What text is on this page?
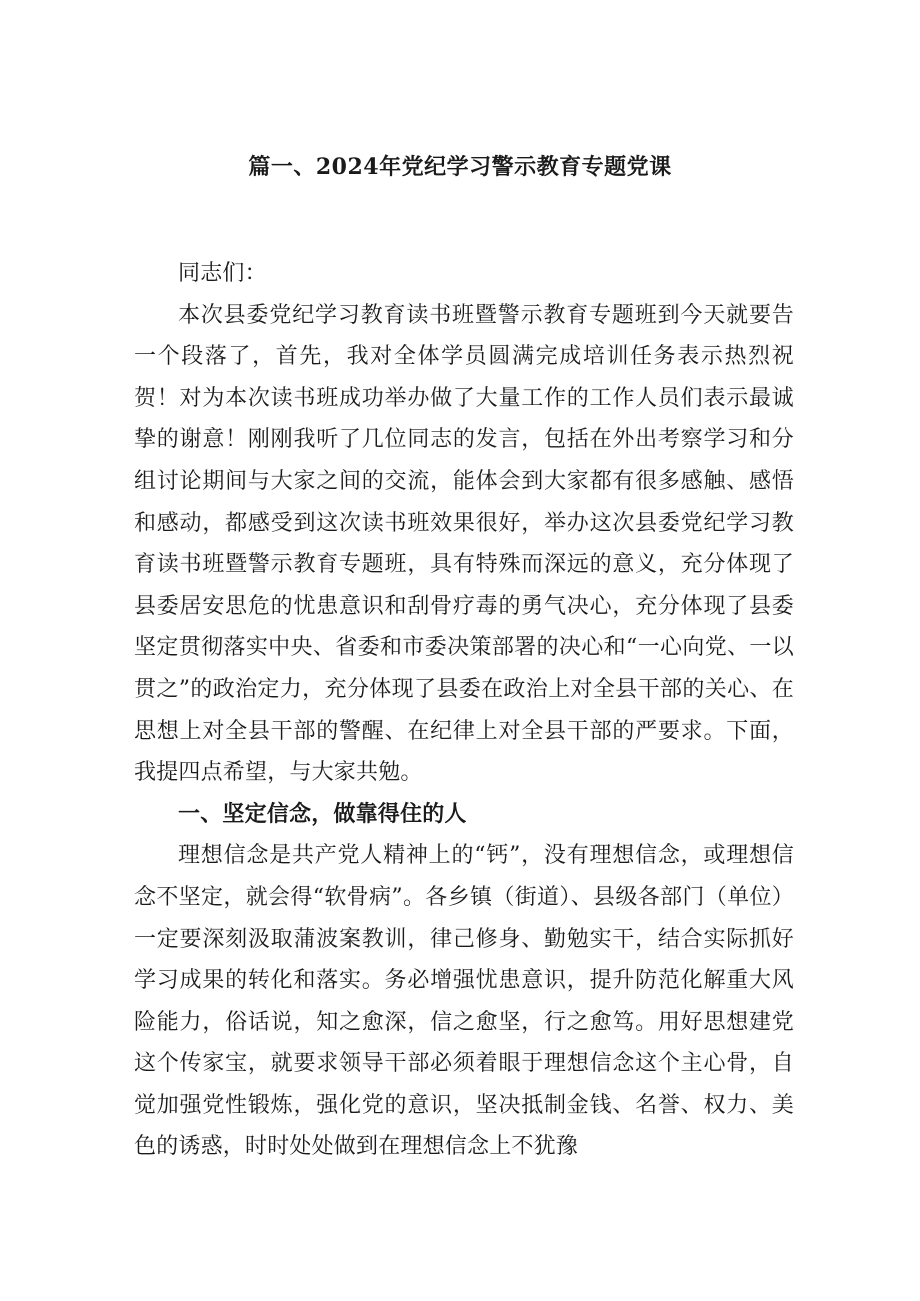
篇一、2024年党纪学习警示教育专题党课

同志们：

本次县委党纪学习教育读书班暨警示教育专题班到今天就要告一个段落了，首先，我对全体学员圆满完成培训任务表示热烈祝贺！对为本次读书班成功举办做了大量工作的工作人员们表示最诚挚的谢意！刚刚我听了几位同志的发言，包括在外出考察学习和分组讨论期间与大家之间的交流，能体会到大家都有很多感触、感悟和感动，都感受到这次读书班效果很好，举办这次县委党纪学习教育读书班暨警示教育专题班，具有特殊而深远的意义，充分体现了县委居安思危的忧患意识和刮骨疗毒的勇气决心，充分体现了县委坚定贯彻落实中央、省委和市委决策部署的决心和“一心向党、一以贯之”的政治定力，充分体现了县委在政治上对全县干部的关心、在思想上对全县干部的警醒、在纪律上对全县干部的严要求。下面，我提四点希望，与大家共勉。

一、坚定信念，做靠得住的人

理想信念是共产党人精神上的“钙”，没有理想信念，或理想信念不坚定，就会得“软骨病”。各乡镇（街道）、县级各部门（单位）一定要深刻汲取蒲波案教训，律己修身、勤勉实干，结合实际抓好学习成果的转化和落实。务必增强忧患意识，提升防范化解重大风险能力，俗话说，知之愈深，信之愈坚，行之愈笃。用好思想建党这个传家宝，就要求领导干部必须着眼于理想信念这个主心骨，自觉加强党性锻炼，强化党的意识，坚决抵制金钱、名誉、权力、美色的诱惑，时时处处做到在理想信念上不犹豫
